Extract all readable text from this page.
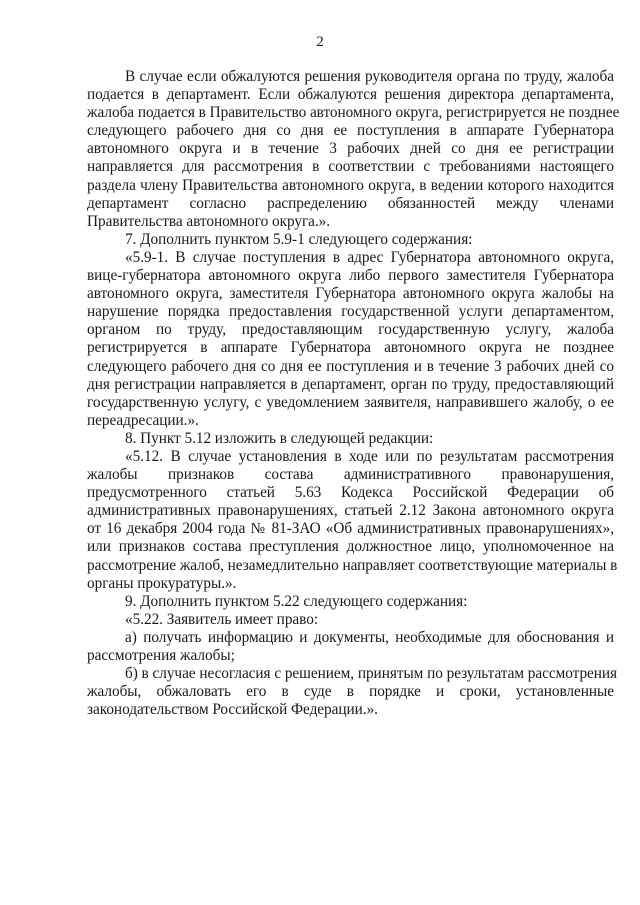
2
В случае если обжалуются решения руководителя органа по труду, жалоба
подается в департамент. Если обжалуются решения директора департамента,
жалоба подается в Правительство автономного округа, регистрируется не позднее
следующего рабочего дня со дня ее поступления в аппарате Губернатора
автономного округа и в течение 3 рабочих дней со дня ее регистрации
направляется для рассмотрения в соответствии с требованиями настоящего
раздела члену Правительства автономного округа, в ведении которого находится
департамент согласно распределению обязанностей между членами
Правительства автономного округа.».
7. Дополнить пунктом 5.9-1 следующего содержания:
«5.9-1. В случае поступления в адрес Губернатора автономного округа,
вице-губернатора автономного округа либо первого заместителя Губернатора
автономного округа, заместителя Губернатора автономного округа жалобы на
нарушение порядка предоставления государственной услуги департаментом,
органом по труду, предоставляющим государственную услугу, жалоба
регистрируется в аппарате Губернатора автономного округа не позднее
следующего рабочего дня со дня ее поступления и в течение 3 рабочих дней со
дня регистрации направляется в департамент, орган по труду, предоставляющий
государственную услугу, с уведомлением заявителя, направившего жалобу, о ее
переадресации.».
8. Пункт 5.12 изложить в следующей редакции:
«5.12. В случае установления в ходе или по результатам рассмотрения
жалобы признаков состава административного правонарушения,
предусмотренного статьей 5.63 Кодекса Российской Федерации об
административных правонарушениях, статьей 2.12 Закона автономного округа
от 16 декабря 2004 года № 81-ЗАО «Об административных правонарушениях»,
или признаков состава преступления должностное лицо, уполномоченное на
рассмотрение жалоб, незамедлительно направляет соответствующие материалы в
органы прокуратуры.».
9. Дополнить пунктом 5.22 следующего содержания:
«5.22. Заявитель имеет право:
а) получать информацию и документы, необходимые для обоснования и
рассмотрения жалобы;
б) в случае несогласия с решением, принятым по результатам рассмотрения
жалобы, обжаловать его в суде в порядке и сроки, установленные
законодательством Российской Федерации.».
